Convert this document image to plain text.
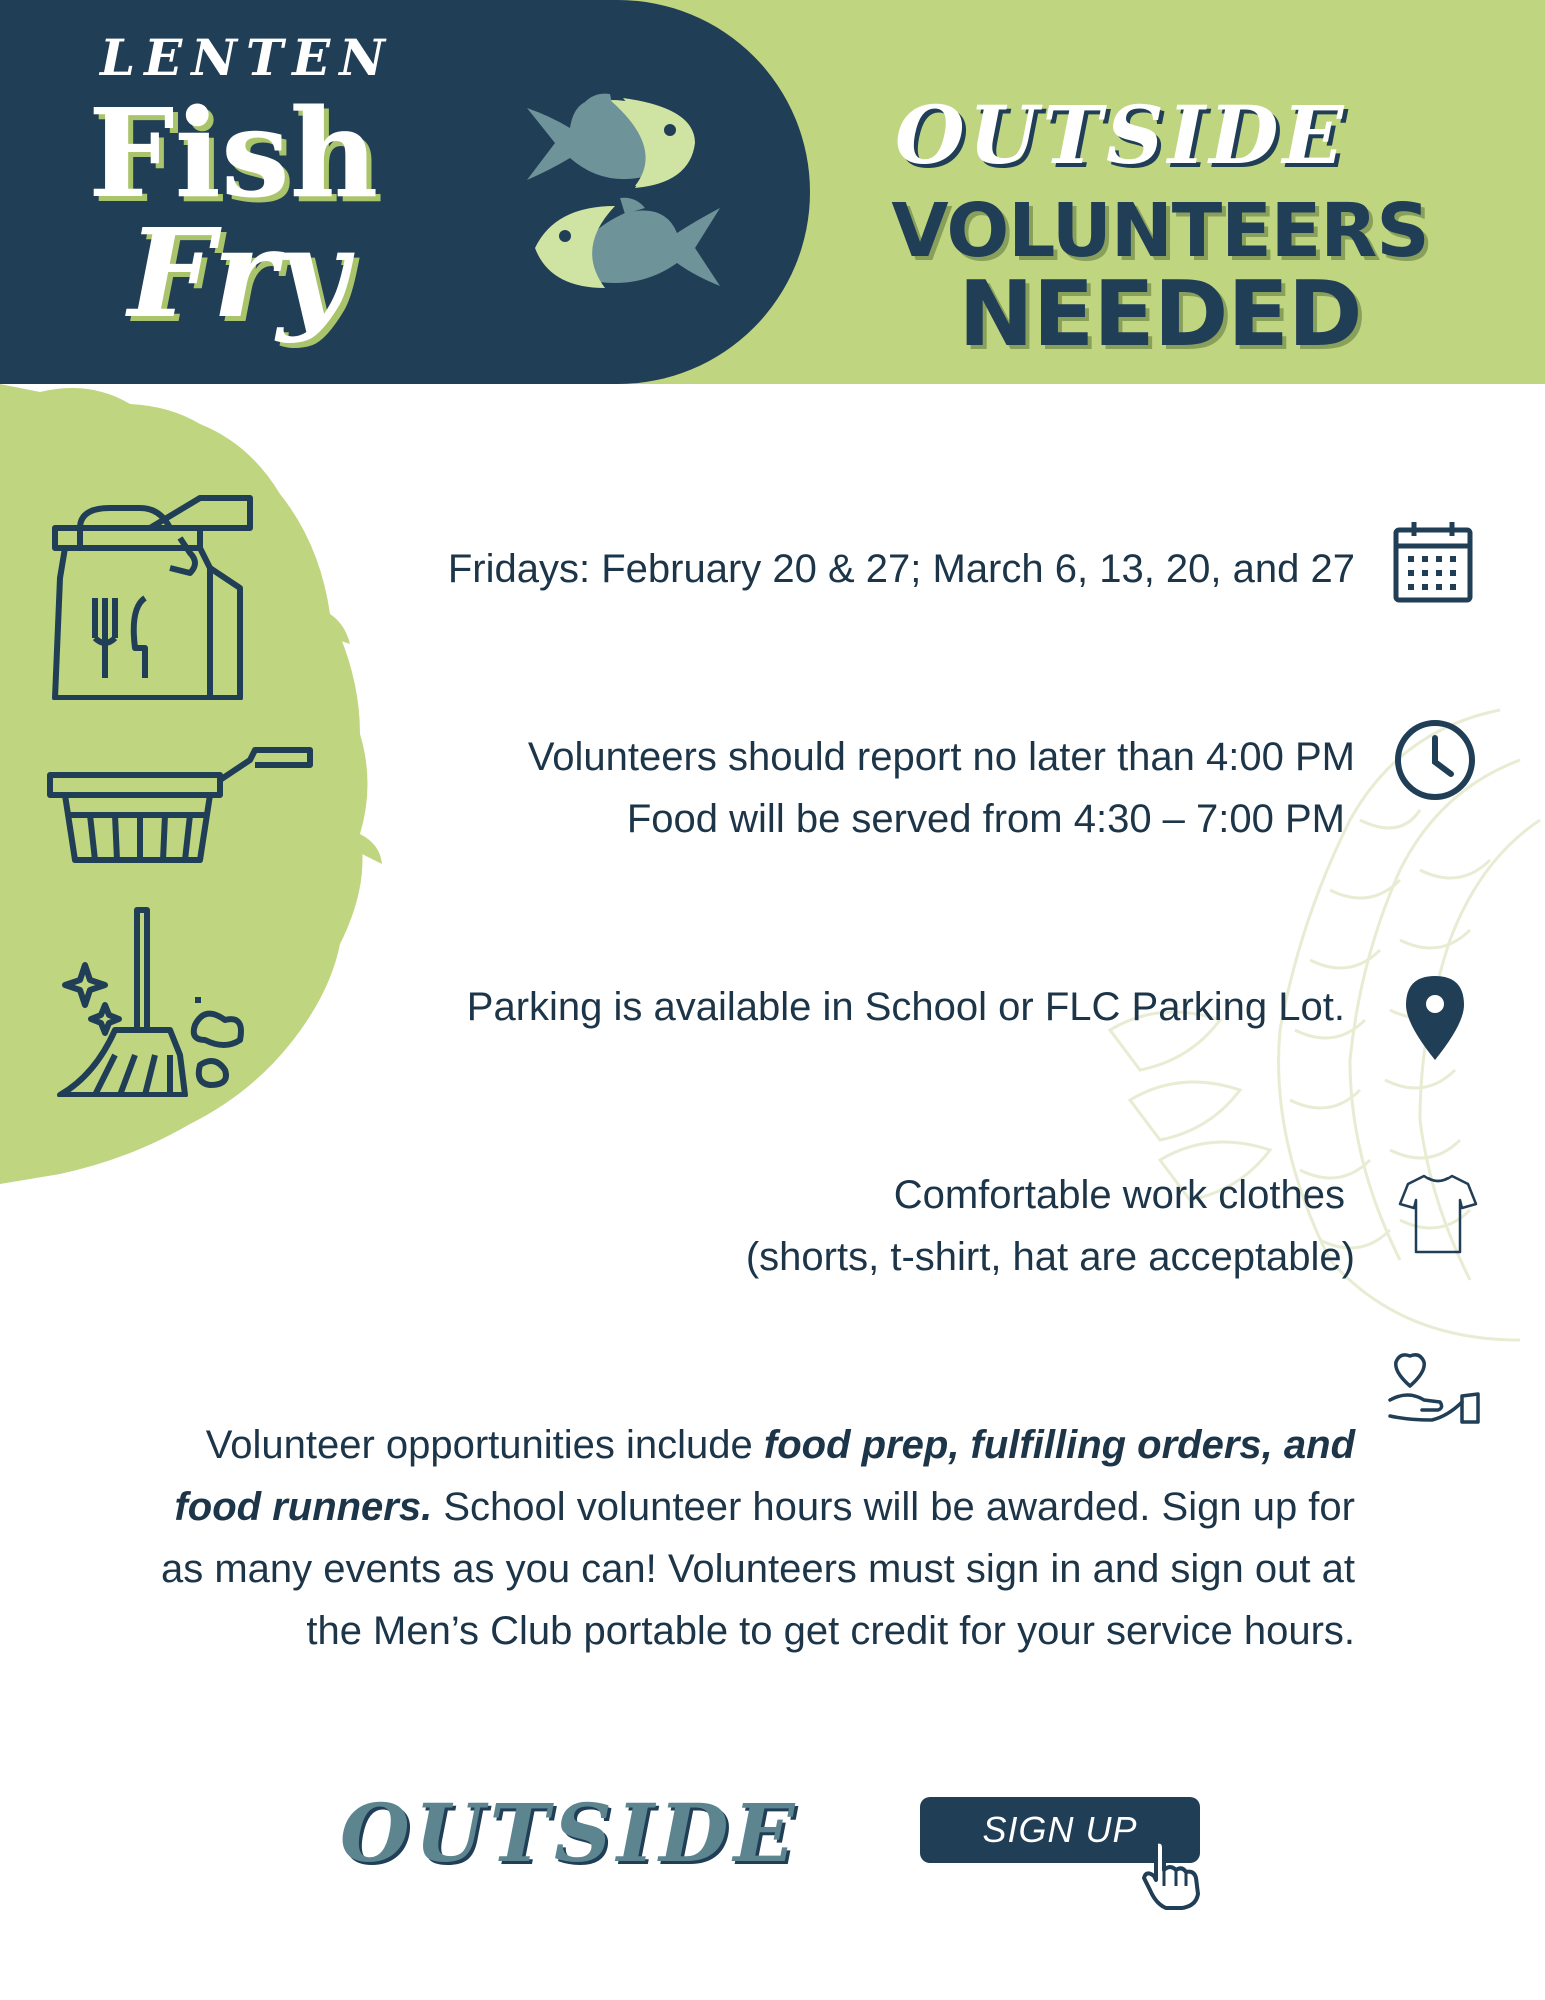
LENTEN
Fish
Fry
OUTSIDE
VOLUNTEERS
NEEDED
Fridays: February 20 & 27; March 6, 13, 20, and 27
Volunteers should report no later than 4:00 PM
Food will be served from 4:30 – 7:00 PM
Parking is available in School or FLC Parking Lot.
Comfortable work clothes
(shorts, t-shirt, hat are acceptable)
Volunteer opportunities include food prep, fulfilling orders, and food runners. School volunteer hours will be awarded. Sign up for as many events as you can! Volunteers must sign in and sign out at the Men’s Club portable to get credit for your service hours.
OUTSIDE	SIGN UP
